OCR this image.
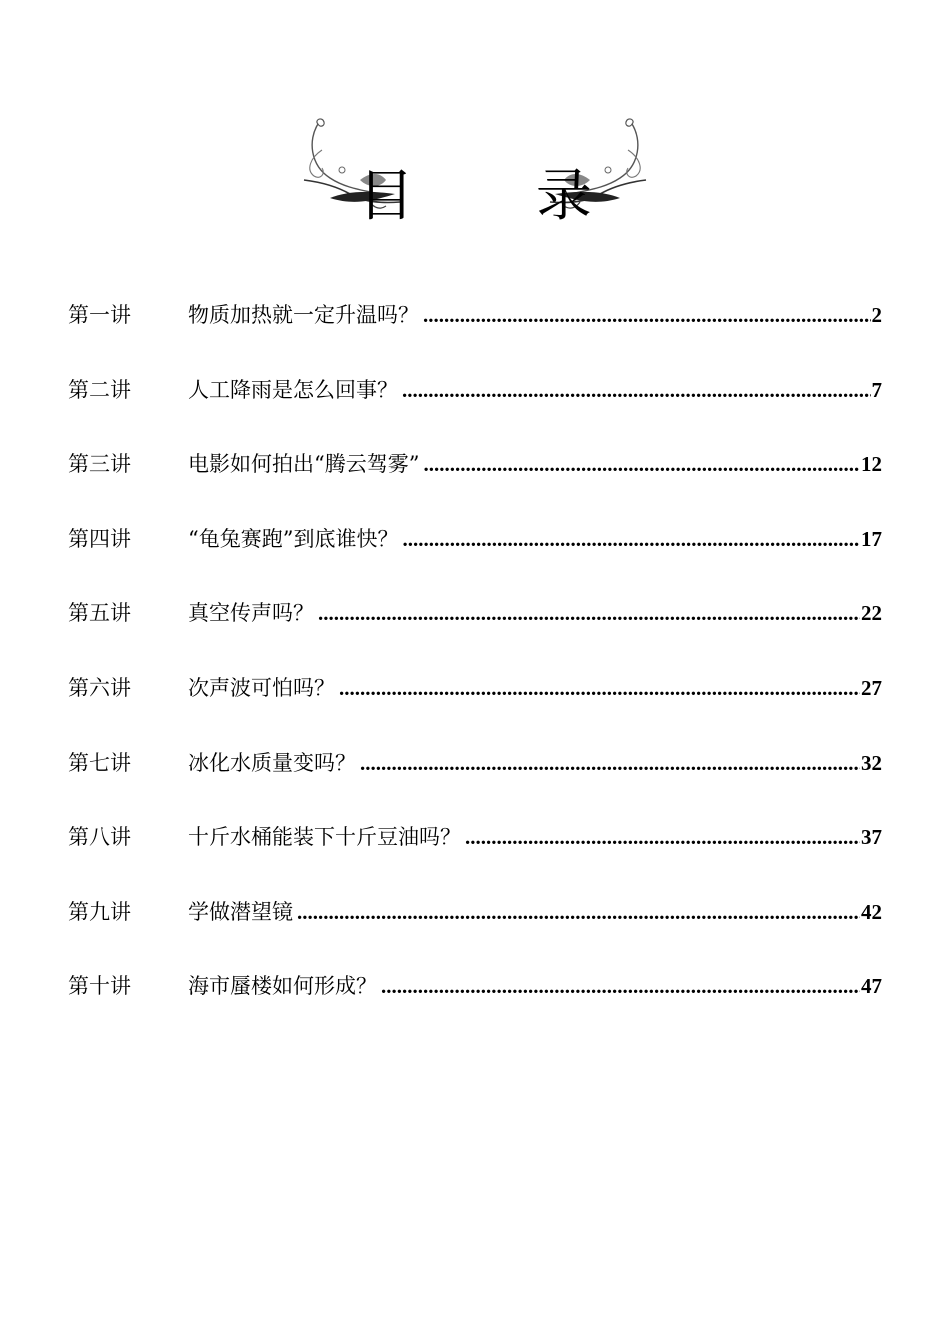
目 录
第一讲	物质加热就一定升温吗？ .....	2
第二讲	人工降雨是怎么回事？ .....	7
第三讲	电影如何拍出“腾云驾雾” .....	12
第四讲	“龟兔赛跑”到底谁快？ .....	17
第五讲	真空传声吗？ .....	22
第六讲	次声波可怕吗？ .....	27
第七讲	冰化水质量变吗？ .....	32
第八讲	十斤水桶能装下十斤豆油吗？ .....	37
第九讲	学做潜望镜 .....	42
第十讲	海市蜃楼如何形成？ .....	47
